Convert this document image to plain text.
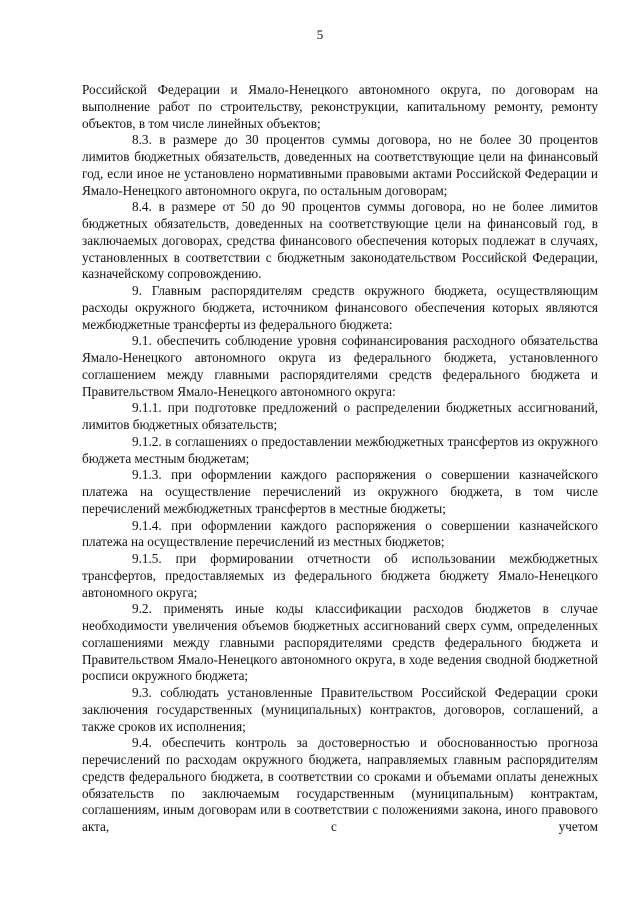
5

Российской Федерации и Ямало-Ненецкого автономного округа, по договорам на выполнение работ по строительству, реконструкции, капитальному ремонту, ремонту объектов, в том числе линейных объектов;

8.3. в размере до 30 процентов суммы договора, но не более 30 процентов лимитов бюджетных обязательств, доведенных на соответствующие цели на финансовый год, если иное не установлено нормативными правовыми актами Российской Федерации и Ямало-Ненецкого автономного округа, по остальным договорам;

8.4. в размере от 50 до 90 процентов суммы договора, но не более лимитов бюджетных обязательств, доведенных на соответствующие цели на финансовый год, в заключаемых договорах, средства финансового обеспечения которых подлежат в случаях, установленных в соответствии с бюджетным законодательством Российской Федерации, казначейскому сопровождению.

9. Главным распорядителям средств окружного бюджета, осуществляющим расходы окружного бюджета, источником финансового обеспечения которых являются межбюджетные трансферты из федерального бюджета:

9.1. обеспечить соблюдение уровня софинансирования расходного обязательства Ямало-Ненецкого автономного округа из федерального бюджета, установленного соглашением между главными распорядителями средств федерального бюджета и Правительством Ямало-Ненецкого автономного округа:

9.1.1. при подготовке предложений о распределении бюджетных ассигнований, лимитов бюджетных обязательств;

9.1.2. в соглашениях о предоставлении межбюджетных трансфертов из окружного бюджета местным бюджетам;

9.1.3. при оформлении каждого распоряжения о совершении казначейского платежа на осуществление перечислений из окружного бюджета, в том числе перечислений межбюджетных трансфертов в местные бюджеты;

9.1.4. при оформлении каждого распоряжения о совершении казначейского платежа на осуществление перечислений из местных бюджетов;

9.1.5. при формировании отчетности об использовании межбюджетных трансфертов, предоставляемых из федерального бюджета бюджету Ямало-Ненецкого автономного округа;

9.2. применять иные коды классификации расходов бюджетов в случае необходимости увеличения объемов бюджетных ассигнований сверх сумм, определенных соглашениями между главными распорядителями средств федерального бюджета и Правительством Ямало-Ненецкого автономного округа, в ходе ведения сводной бюджетной росписи окружного бюджета;

9.3. соблюдать установленные Правительством Российской Федерации сроки заключения государственных (муниципальных) контрактов, договоров, соглашений, а также сроков их исполнения;

9.4. обеспечить контроль за достоверностью и обоснованностью прогноза перечислений по расходам окружного бюджета, направляемых главным распорядителям средств федерального бюджета, в соответствии со сроками и объемами оплаты денежных обязательств по заключаемым государственным (муниципальным) контрактам, соглашениям, иным договорам или в соответствии с положениями закона, иного правового акта, с учетом
